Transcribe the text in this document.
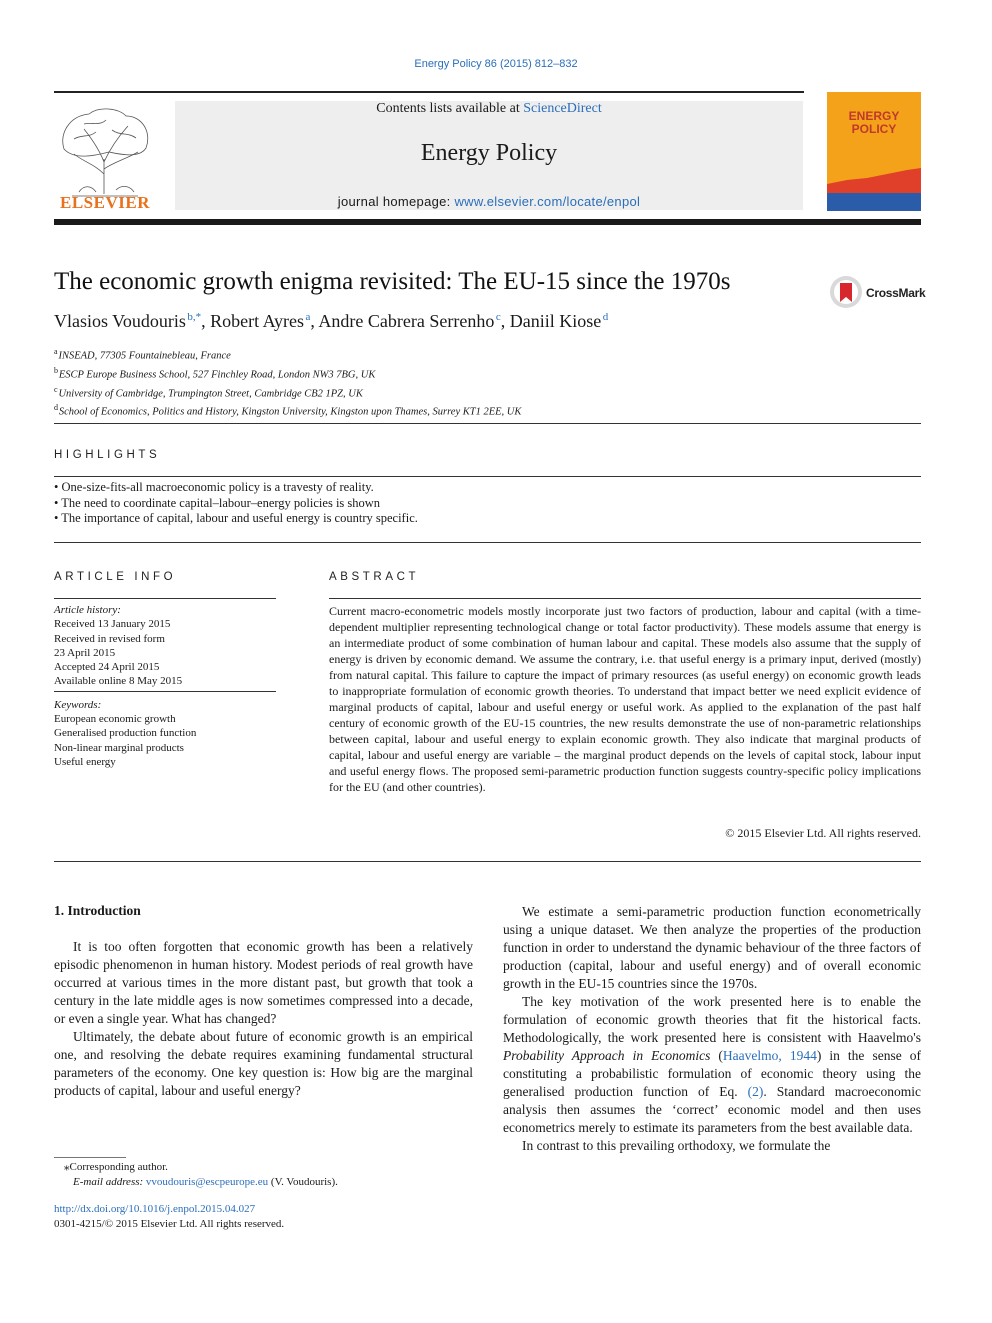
Energy Policy 86 (2015) 812–832
ELSEVIER
Contents lists available at ScienceDirect
Energy Policy
journal homepage: www.elsevier.com/locate/enpol
ENERGY
POLICY
The economic growth enigma revisited: The EU-15 since the 1970s	CrossMark
Vlasios Voudouris  $^{b,*}$, Robert Ayres  $^a$, Andre Cabrera Serrenho  $^c$, Daniil Kiose  $^d$
$^a$ INSEAD, 77305 Fountainebleau, France
$^b$ ESCP Europe Business School, 527 Finchley Road, London NW3 7BG, UK
$^c$ University of Cambridge, Trumpington Street, Cambridge CB2 1PZ, UK
$^d$ School of Economics, Politics and History, Kingston University, Kingston upon Thames, Surrey KT1 2EE, UK
HIGHLIGHTS
• One-size-fits-all macroeconomic policy is a travesty of reality.
• The need to coordinate capital–labour–energy policies is shown
• The importance of capital, labour and useful energy is country specific.
ARTICLE INFO
Article history:
Received 13 January 2015
Received in revised form
23 April 2015
Accepted 24 April 2015
Available online 8 May 2015
Keywords:
European economic growth
Generalised production function
Non-linear marginal products
Useful energy
ABSTRACT
Current macro-econometric models mostly incorporate just two factors of production, labour and capital (with a time-dependent multiplier representing technological change or total factor productivity). These models assume that energy is an intermediate product of some combination of human labour and capital. These models also assume that the supply of energy is driven by economic demand. We assume the contrary, i.e. that useful energy is a primary input, derived (mostly) from natural capital. This failure to capture the impact of primary resources (as useful energy) on economic growth leads to inappropriate formulation of economic growth theories. To understand that impact better we need explicit evidence of marginal products of capital, labour and useful energy or useful work. As applied to the explanation of the past half century of economic growth of the EU-15 countries, the new results demonstrate the use of non-parametric relationships between capital, labour and useful energy to explain economic growth. They also indicate that marginal products of capital, labour and useful energy are variable – the marginal product depends on the levels of capital stock, labour input and useful energy flows. The proposed semi-parametric production function suggests country-specific policy implications for the EU (and other countries).
© 2015 Elsevier Ltd. All rights reserved.
1. Introduction

It is too often forgotten that economic growth has been a relatively episodic phenomenon in human history. Modest periods of real growth have occurred at various times in the more distant past, but growth that took a century in the late middle ages is now sometimes compressed into a decade, or even a single year. What has changed?

Ultimately, the debate about future of economic growth is an empirical one, and resolving the debate requires examining fundamental structural parameters of the economy. One key question is: How big are the marginal products of capital, labour and useful energy?

We estimate a semi-parametric production function econometrically using a unique dataset. We then analyze the properties of the production function in order to understand the dynamic behaviour of the three factors of production (capital, labour and useful energy) and of overall economic growth in the EU-15 countries since the 1970s.

The key motivation of the work presented here is to enable the formulation of economic growth theories that fit the historical facts. Methodologically, the work presented here is consistent with Haavelmo's Probability Approach in Economics (Haavelmo, 1944) in the sense of constituting a probabilistic formulation of economic theory using the generalised production function of Eq. (2). Standard macroeconomic analysis then assumes the ‘correct’ economic model and then uses econometrics merely to estimate its parameters from the best available data.

In contrast to this prevailing orthodoxy, we formulate the

⁎Corresponding author.
E-mail address: vvoudouris@escpeurope.eu (V. Voudouris).
http://dx.doi.org/10.1016/j.enpol.2015.04.027
0301-4215/© 2015 Elsevier Ltd. All rights reserved.
